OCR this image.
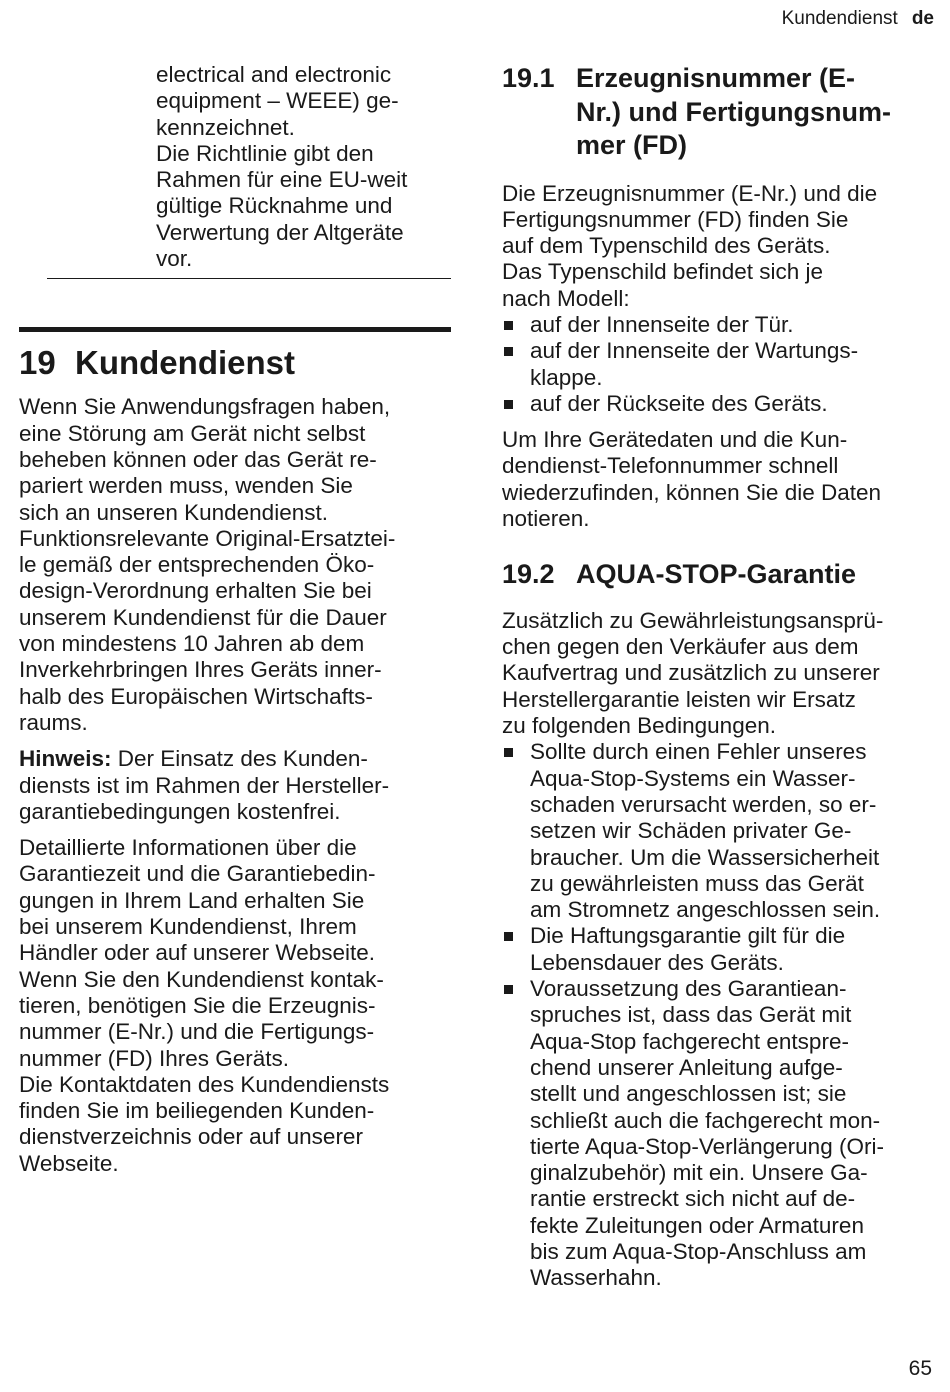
Kundendienst de

electrical and electronic
equipment – WEEE) ge-
kennzeichnet.
Die Richtlinie gibt den
Rahmen für eine EU-weit
gültige Rücknahme und
Verwertung der Altgeräte
vor.

19 Kundendienst

Wenn Sie Anwendungsfragen haben,
eine Störung am Gerät nicht selbst
beheben können oder das Gerät re-
pariert werden muss, wenden Sie
sich an unseren Kundendienst.
Funktionsrelevante Original-Ersatztei-
le gemäß der entsprechenden Öko-
design-Verordnung erhalten Sie bei
unserem Kundendienst für die Dauer
von mindestens 10 Jahren ab dem
Inverkehrbringen Ihres Geräts inner-
halb des Europäischen Wirtschafts-
raums.

Hinweis: Der Einsatz des Kunden-
diensts ist im Rahmen der Hersteller-
garantiebedingungen kostenfrei.

Detaillierte Informationen über die
Garantiezeit und die Garantiebedin-
gungen in Ihrem Land erhalten Sie
bei unserem Kundendienst, Ihrem
Händler oder auf unserer Webseite.
Wenn Sie den Kundendienst kontak-
tieren, benötigen Sie die Erzeugnis-
nummer (E-Nr.) und die Fertigungs-
nummer (FD) Ihres Geräts.
Die Kontaktdaten des Kundendiensts
finden Sie im beiliegenden Kunden-
dienstverzeichnis oder auf unserer
Webseite.

19.1 Erzeugnisnummer (E-
Nr.) und Fertigungsnum-
mer (FD)

Die Erzeugnisnummer (E-Nr.) und die
Fertigungsnummer (FD) finden Sie
auf dem Typenschild des Geräts.
Das Typenschild befindet sich je
nach Modell:

auf der Innenseite der Tür.
auf der Innenseite der Wartungs-
klappe.
auf der Rückseite des Geräts.

Um Ihre Gerätedaten und die Kun-
dendienst-Telefonnummer schnell
wiederzufinden, können Sie die Daten
notieren.

19.2 AQUA-STOP-Garantie

Zusätzlich zu Gewährleistungsansprü-
chen gegen den Verkäufer aus dem
Kaufvertrag und zusätzlich zu unserer
Herstellergarantie leisten wir Ersatz
zu folgenden Bedingungen.

Sollte durch einen Fehler unseres
Aqua-Stop-Systems ein Wasser-
schaden verursacht werden, so er-
setzen wir Schäden privater Ge-
braucher. Um die Wassersicherheit
zu gewährleisten muss das Gerät
am Stromnetz angeschlossen sein.
Die Haftungsgarantie gilt für die
Lebensdauer des Geräts.
Voraussetzung des Garantiean-
spruches ist, dass das Gerät mit
Aqua-Stop fachgerecht entspre-
chend unserer Anleitung aufge-
stellt und angeschlossen ist; sie
schließt auch die fachgerecht mon-
tierte Aqua-Stop-Verlängerung (Ori-
ginalzubehör) mit ein. Unsere Ga-
rantie erstreckt sich nicht auf de-
fekte Zuleitungen oder Armaturen
bis zum Aqua-Stop-Anschluss am
Wasserhahn.
65
